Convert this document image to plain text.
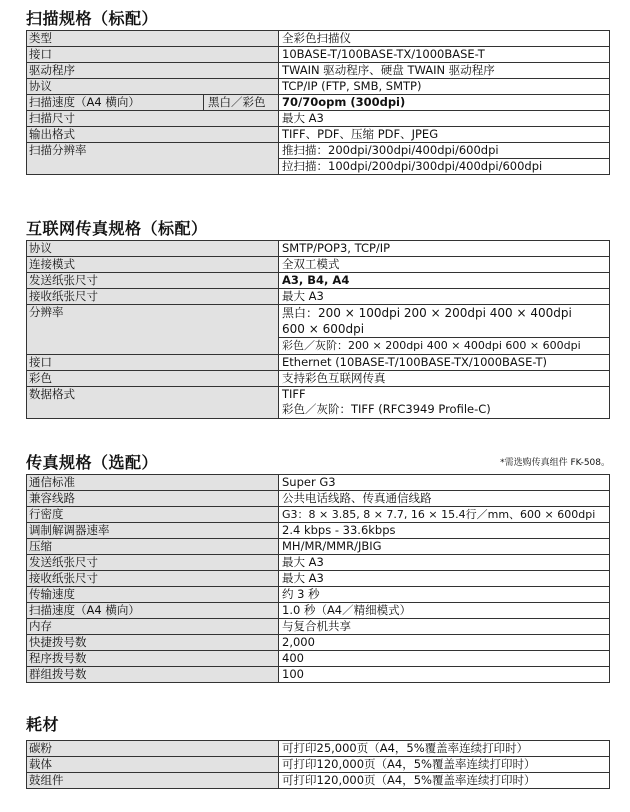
扫描规格（标配）
类型	全彩色扫描仪
接口	10BASE-T/100BASE-TX/1000BASE-T
驱动程序	TWAIN 驱动程序、硬盘 TWAIN 驱动程序
协议	TCP/IP (FTP, SMB, SMTP)
扫描速度（A4 横向） 黑白／彩色	70/70opm (300dpi)
扫描尺寸	最大 A3
输出格式	TIFF、PDF、压缩 PDF、JPEG
扫描分辨率	推扫描：200dpi/300dpi/400dpi/600dpi
拉扫描：100dpi/200dpi/300dpi/400dpi/600dpi
互联网传真规格（标配）
协议	SMTP/POP3, TCP/IP
连接模式	全双工模式
发送纸张尺寸	A3, B4, A4
接收纸张尺寸	最大 A3
分辨率	黑白：200 × 100dpi 200 × 200dpi 400 × 400dpi
600 × 600dpi
彩色／灰阶：200 × 200dpi 400 × 400dpi 600 × 600dpi

接口	Ethernet (10BASE-T/100BASE-TX/1000BASE-T)
彩色	支持彩色互联网传真
数据格式	TIFF
彩色／灰阶：TIFF (RFC3949 Profile-C)
传真规格（选配）	*需选购传真组件 FK-508。
通信标准	Super G3
兼容线路	公共电话线路、传真通信线路
行密度	G3：8 × 3.85, 8 × 7.7, 16 × 15.4行／mm、600 × 600dpi
调制解调器速率	2.4 kbps - 33.6kbps
压缩	MH/MR/MMR/JBIG
发送纸张尺寸	最大 A3
接收纸张尺寸	最大 A3
传输速度	约 3 秒
扫描速度（A4 横向）	1.0 秒（A4／精细模式）
内存	与复合机共享
快捷拨号数	2,000
程序拨号数	400
群组拨号数	100
耗材
碳粉	可打印25,000页（A4，5%覆盖率连续打印时）
载体	可打印120,000页（A4，5%覆盖率连续打印时）
鼓组件	可打印120,000页（A4，5%覆盖率连续打印时）
